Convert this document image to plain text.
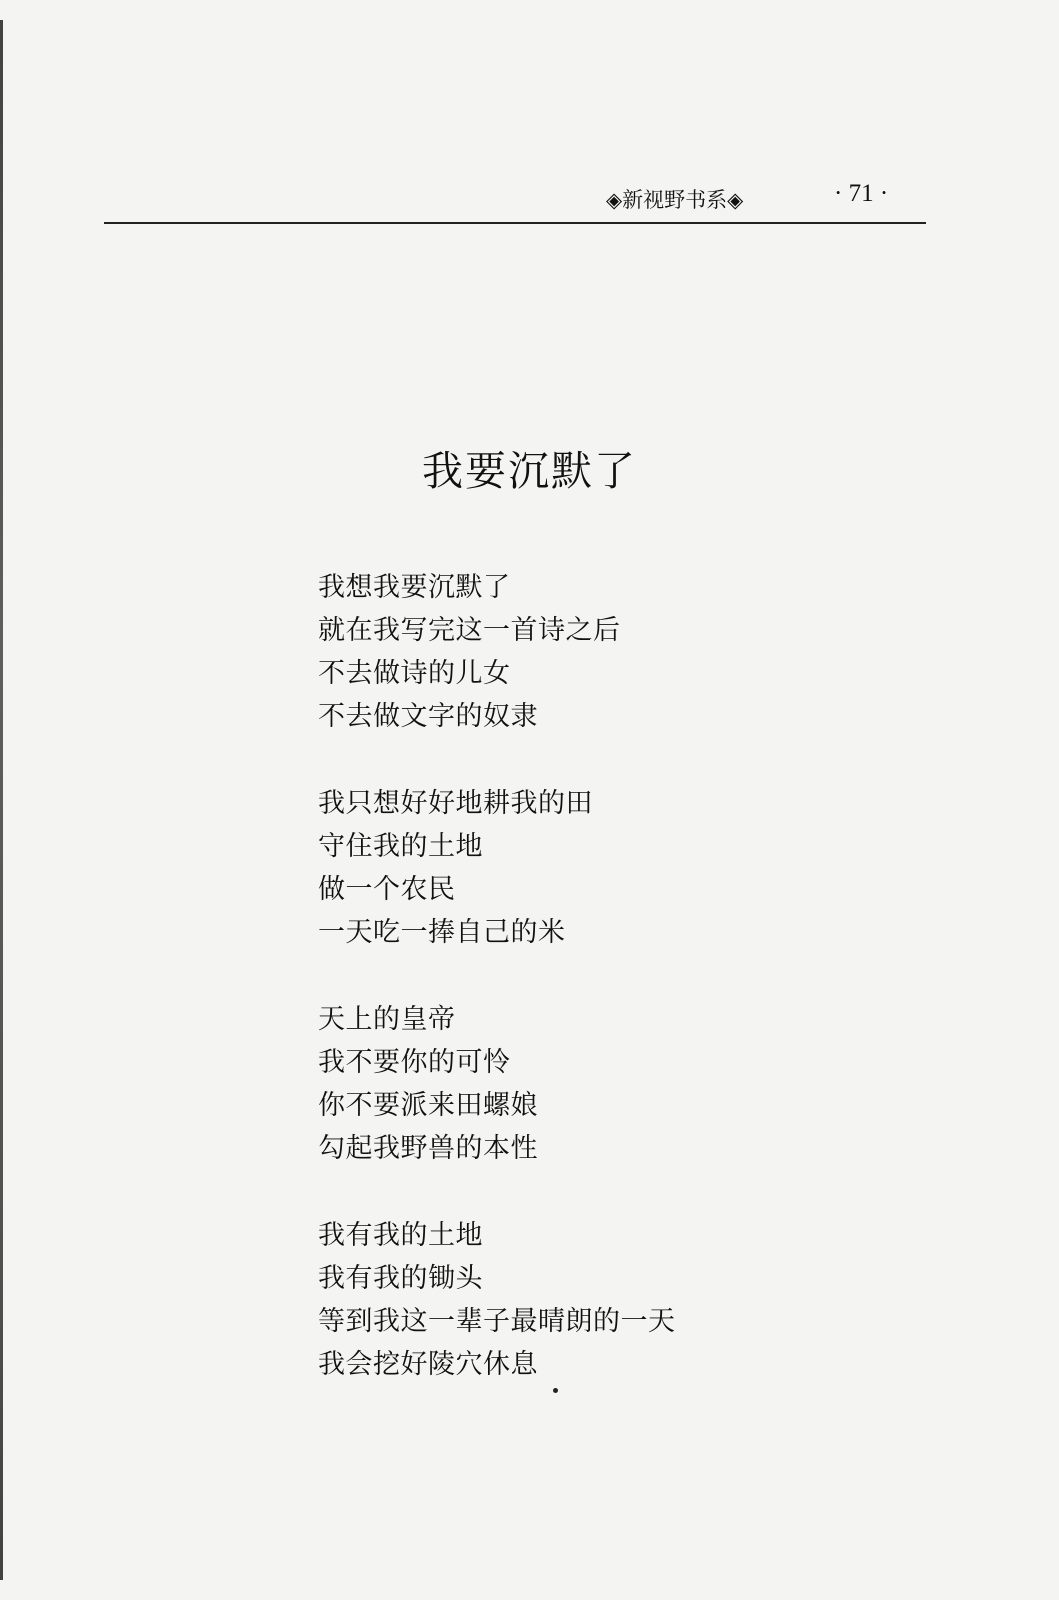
◈新视野书系◈	· 71 ·
我要沉默了
我想我要沉默了
就在我写完这一首诗之后
不去做诗的儿女
不去做文字的奴隶
我只想好好地耕我的田
守住我的土地
做一个农民
一天吃一捧自己的米
天上的皇帝
我不要你的可怜
你不要派来田螺娘
勾起我野兽的本性
我有我的土地
我有我的锄头
等到我这一辈子最晴朗的一天
我会挖好陵穴休息
